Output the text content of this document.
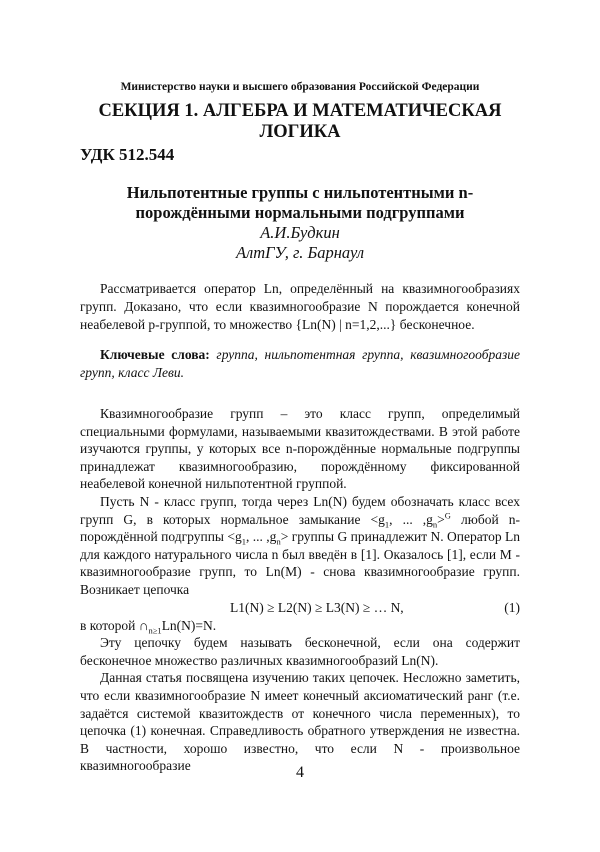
Министерство науки и высшего образования Российской Федерации
СЕКЦИЯ 1. АЛГЕБРА И МАТЕМАТИЧЕСКАЯ ЛОГИКА
УДК 512.544
Нильпотентные группы с нильпотентными n-порождёнными нормальными подгруппами
А.И.Будкин
АлтГУ, г. Барнаул

Рассматривается оператор Ln, определённый на квазимногообразиях групп. Доказано, что если квазимногообразие N порождается конечной неабелевой p-группой, то множество {Ln(N) | n=1,2,...} бесконечное.

Ключевые слова: группа, нильпотентная группа, квазимногообразие групп, класс Леви.

Квазимногообразие групп – это класс групп, определимый специальными формулами, называемыми квазитождествами. В этой работе изучаются группы, у которых все n-порождённые нормальные подгруппы принадлежат квазимногообразию, порождённому фиксированной неабелевой конечной нильпотентной группой.

Пусть N - класс групп, тогда через Ln(N) будем обозначать класс всех групп G, в которых нормальное замыкание $<g_1$, ... $,g_n>^G$ любой n-порождённой подгруппы $<g_1$, ... $,g_n>$ группы G принадлежит N. Оператор Ln для каждого натурального числа n был введён в [1]. Оказалось [1], если M - квазимногообразие групп, то Ln(M) - снова квазимногообразие групп. Возникает цепочка

L1(N) ≥ L2(N) ≥ L3(N) ≥ … N,	(1)

в которой $\cap_{n\ge 1}Ln(N)=N$.

Эту цепочку будем называть бесконечной, если она содержит бесконечное множество различных квазимногообразий Ln(N).

Данная статья посвящена изучению таких цепочек. Несложно заметить, что если квазимногообразие N имеет конечный аксиоматический ранг (т.е. задаётся системой квазитождеств от конечного числа переменных), то цепочка (1) конечная. Справедливость обратного утверждения не известна. В частности, хорошо известно, что если N - произвольное квазимногообразие	4
